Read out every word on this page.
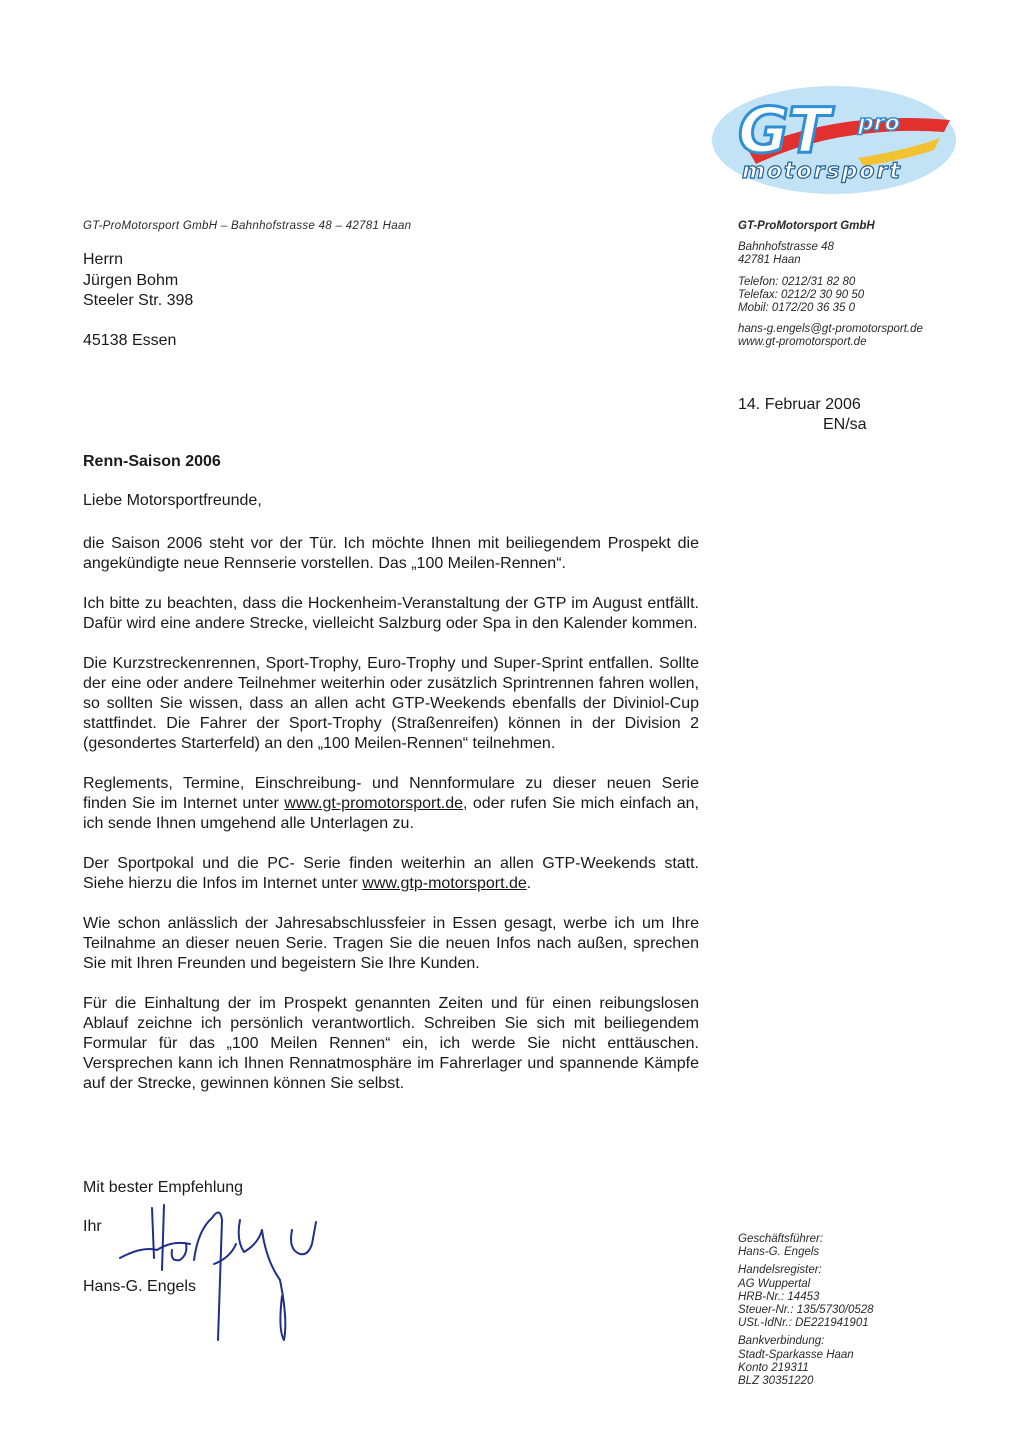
GT pro
motorsport
GT-ProMotorsport GmbH – Bahnhofstrasse 48 – 42781 Haan
Herrn
Jürgen Bohm
Steeler Str. 398
45138 Essen
GT-ProMotorsport GmbH
Bahnhofstrasse 48
42781 Haan
Telefon: 0212/31 82 80
Telefax: 0212/2 30 90 50
Mobil: 0172/20 36 35 0
hans-g.engels@gt-promotorsport.de
www.gt-promotorsport.de
14. Februar 2006
EN/sa
Renn-Saison 2006
Liebe Motorsportfreunde,

die Saison 2006 steht vor der Tür. Ich möchte Ihnen mit beiliegendem Prospekt die angekündigte neue Rennserie vorstellen. Das „100 Meilen-Rennen“.

Ich bitte zu beachten, dass die Hockenheim-Veranstaltung der GTP im August entfällt. Dafür wird eine andere Strecke, vielleicht Salzburg oder Spa in den Kalender kommen.

Die Kurzstreckenrennen, Sport-Trophy, Euro-Trophy und Super-Sprint entfallen. Sollte der eine oder andere Teilnehmer weiterhin oder zusätzlich Sprintrennen fahren wollen, so sollten Sie wissen, dass an allen acht GTP-Weekends ebenfalls der Diviniol-Cup stattfindet. Die Fahrer der Sport-Trophy (Straßenreifen) können in der Division 2 (gesondertes Starterfeld) an den „100 Meilen-Rennen“ teilnehmen.

Reglements, Termine, Einschreibung- und Nennformulare zu dieser neuen Serie finden Sie im Internet unter www.gt-promotorsport.de, oder rufen Sie mich einfach an, ich sende Ihnen umgehend alle Unterlagen zu.

Der Sportpokal und die PC- Serie finden weiterhin an allen GTP-Weekends statt. Siehe hierzu die Infos im Internet unter www.gtp-motorsport.de.

Wie schon anlässlich der Jahresabschlussfeier in Essen gesagt, werbe ich um Ihre Teilnahme an dieser neuen Serie. Tragen Sie die neuen Infos nach außen, sprechen Sie mit Ihren Freunden und begeistern Sie Ihre Kunden.

Für die Einhaltung der im Prospekt genannten Zeiten und für einen reibungslosen Ablauf zeichne ich persönlich verantwortlich. Schreiben Sie sich mit beiliegendem Formular für das „100 Meilen Rennen“ ein, ich werde Sie nicht enttäuschen. Versprechen kann ich Ihnen Rennatmosphäre im Fahrerlager und spannende Kämpfe auf der Strecke, gewinnen können Sie selbst.

Mit bester Empfehlung
Ihr
Hans-G. Engels
Geschäftsführer:
Hans-G. Engels
Handelsregister:
AG Wuppertal
HRB-Nr.: 14453
Steuer-Nr.: 135/5730/0528
USt.-IdNr.: DE221941901
Bankverbindung:
Stadt-Sparkasse Haan
Konto 219311
BLZ 30351220
